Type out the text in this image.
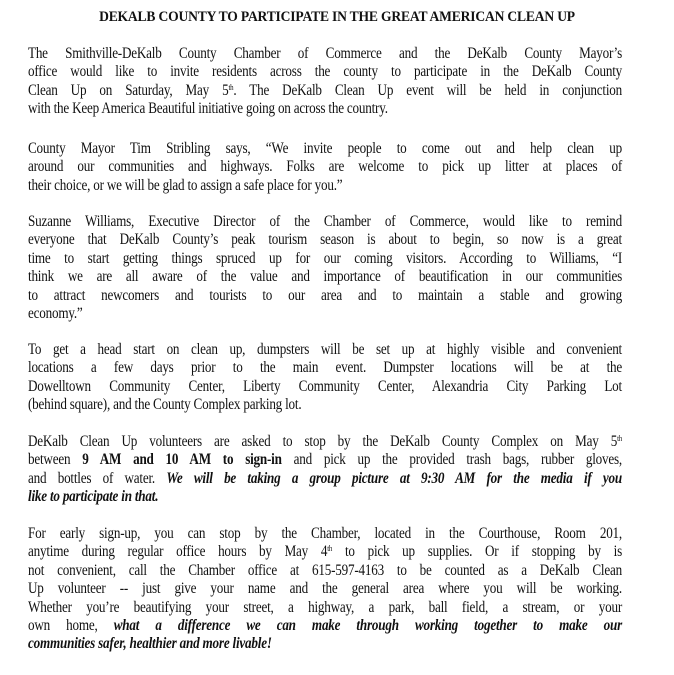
DEKALB COUNTY TO PARTICIPATE IN THE GREAT AMERICAN CLEAN UP
The Smithville-DeKalb County Chamber of Commerce and the DeKalb County Mayor’s
office would like to invite residents across the county to participate in the DeKalb County
Clean Up on Saturday, May 5th. The DeKalb Clean Up event will be held in conjunction
with the Keep America Beautiful initiative going on across the country.
County Mayor Tim Stribling says, “We invite people to come out and help clean up
around our communities and highways. Folks are welcome to pick up litter at places of
their choice, or we will be glad to assign a safe place for you.”
Suzanne Williams, Executive Director of the Chamber of Commerce, would like to remind
everyone that DeKalb County’s peak tourism season is about to begin, so now is a great
time to start getting things spruced up for our coming visitors. According to Williams, “I
think we are all aware of the value and importance of beautification in our communities
to attract newcomers and tourists to our area and to maintain a stable and growing
economy.”
To get a head start on clean up, dumpsters will be set up at highly visible and convenient
locations a few days prior to the main event. Dumpster locations will be at the
Dowelltown Community Center, Liberty Community Center, Alexandria City Parking Lot
(behind square), and the County Complex parking lot.
DeKalb Clean Up volunteers are asked to stop by the DeKalb County Complex on May 5th
between 9 AM and 10 AM to sign-in and pick up the provided trash bags, rubber gloves,
and bottles of water. We will be taking a group picture at 9:30 AM for the media if you
like to participate in that.
For early sign-up, you can stop by the Chamber, located in the Courthouse, Room 201,
anytime during regular office hours by May 4th to pick up supplies. Or if stopping by is
not convenient, call the Chamber office at 615-597-4163 to be counted as a DeKalb Clean
Up volunteer -- just give your name and the general area where you will be working.
Whether you’re beautifying your street, a highway, a park, ball field, a stream, or your
own home, what a difference we can make through working together to make our
communities safer, healthier and more livable!
